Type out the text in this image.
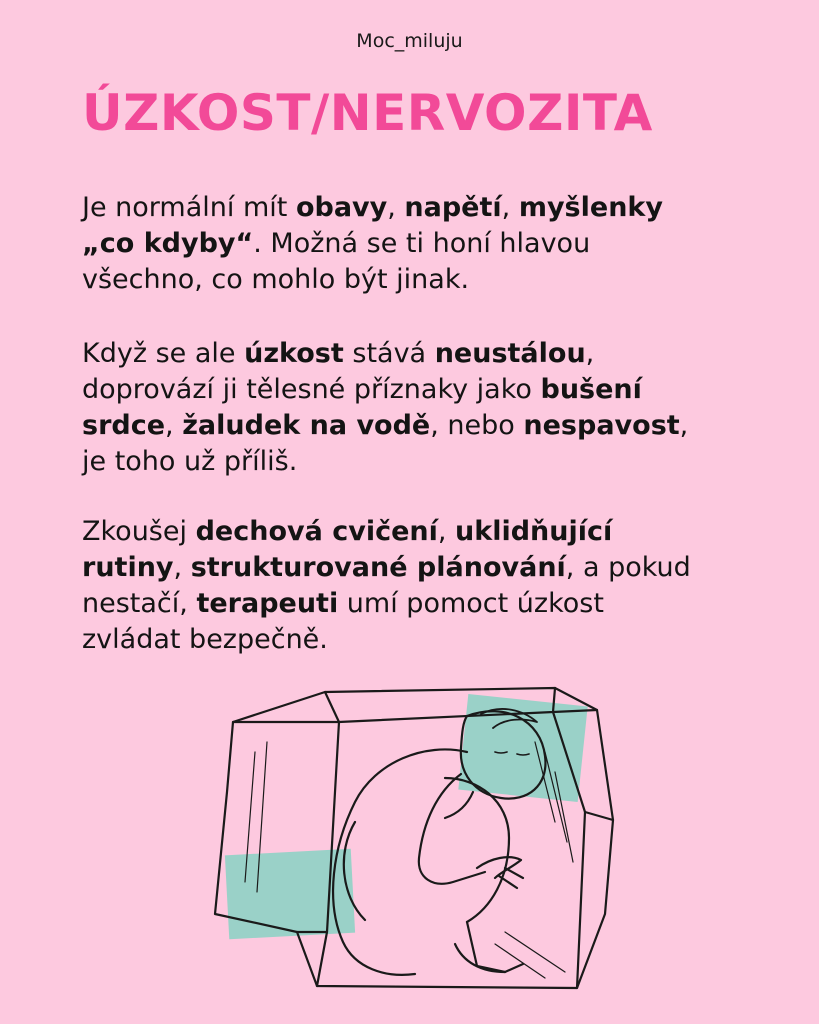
Moc_miluju
ÚZKOST/NERVOZITA

Je normální mít obavy, napětí, myšlenky
„co kdyby“. Možná se ti honí hlavou
všechno, co mohlo být jinak.

Když se ale úzkost stává neustálou,
doprovází ji tělesné příznaky jako bušení
srdce, žaludek na vodě, nebo nespavost,
je toho už příliš.

Zkoušej dechová cvičení, uklidňující
rutiny, strukturované plánování, a pokud
nestačí, terapeuti umí pomoct úzkost
zvládat bezpečně.
